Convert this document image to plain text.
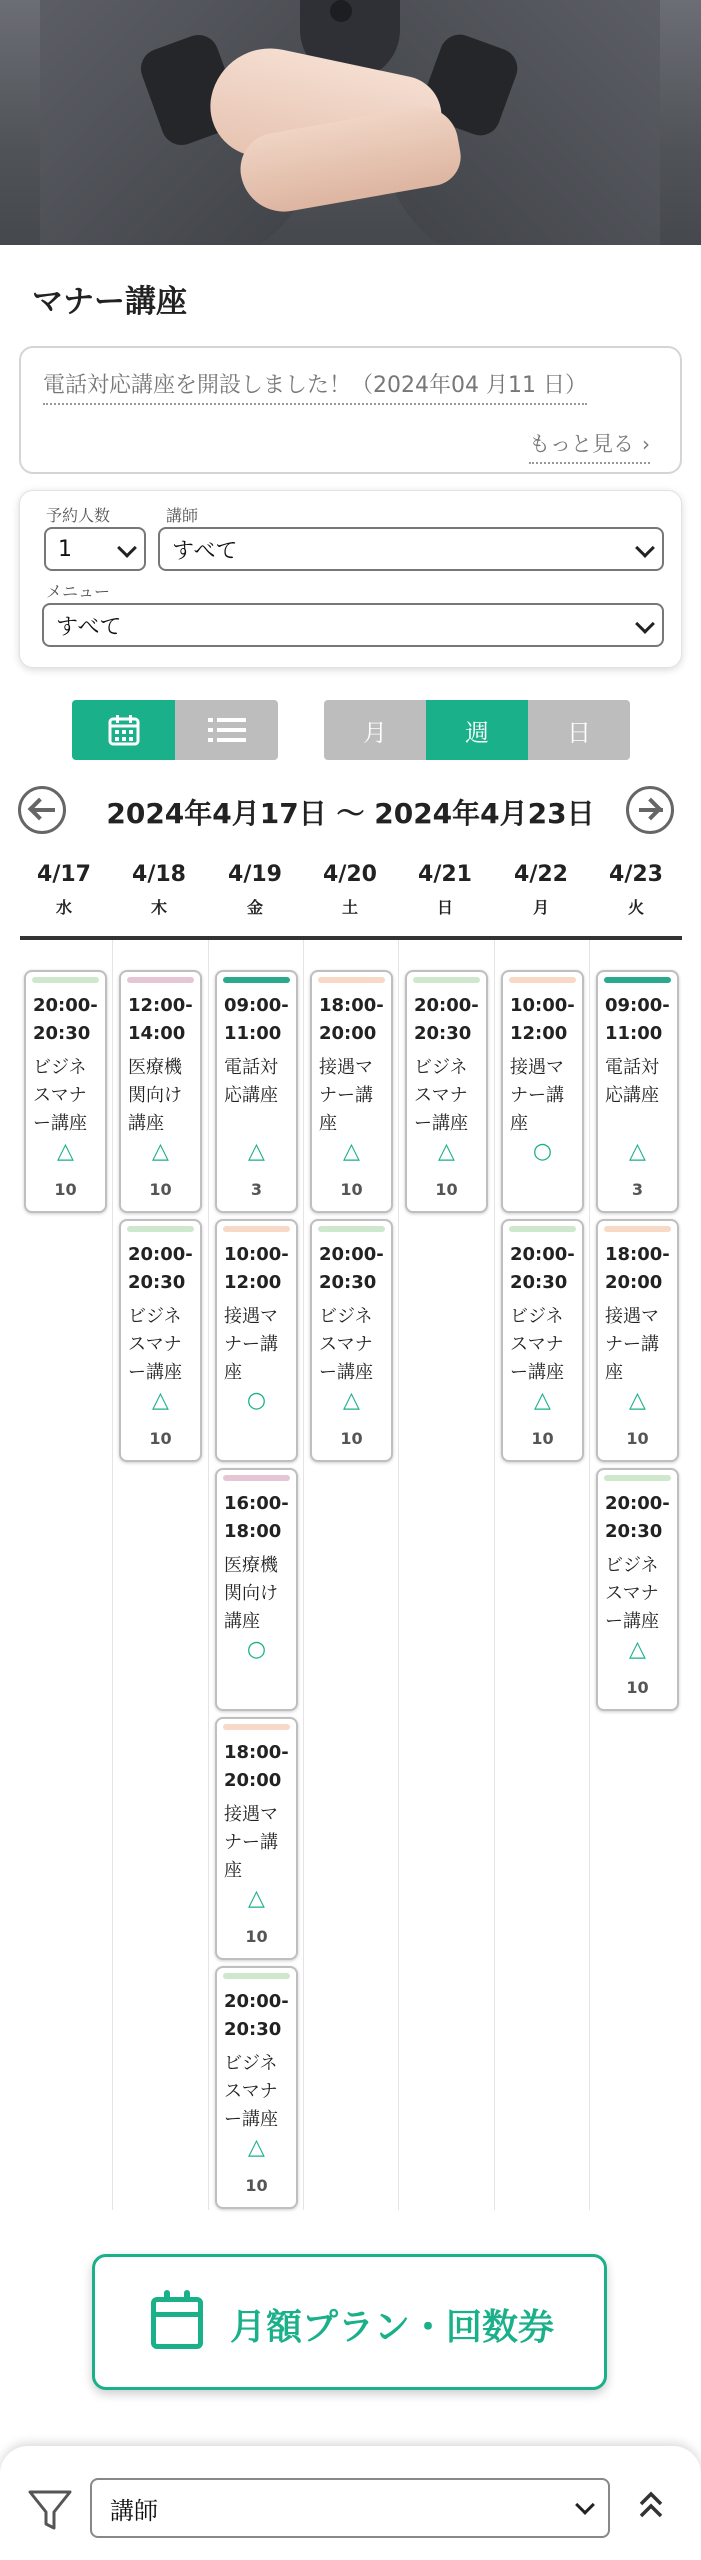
マナー講座
電話対応講座を開設しました！（2024年04 月11 日）
もっと見る ›
予約人数
1
講師
すべて
メニュー
すべて
月	週	日
2024年4月17日 〜 2024年4月23日
4/17
水
4/18
木
4/19
金
4/20
土
4/21
日
4/22
月
4/23
火
20:00-
20:30
ビジネスマナー講座
△
10
12:00-
14:00
医療機関向け講座
△
10
20:00-
20:30
ビジネスマナー講座
△
10
09:00-
11:00
電話対応講座
△
3
10:00-
12:00
接遇マナー講座
○
16:00-
18:00
医療機関向け講座
○
18:00-
20:00
接遇マナー講座
△
10
20:00-
20:30
ビジネスマナー講座
△
10
18:00-
20:00
接遇マナー講座
△
10
20:00-
20:30
ビジネスマナー講座
△
10
20:00-
20:30
ビジネスマナー講座
△
10
10:00-
12:00
接遇マナー講座
○
20:00-
20:30
ビジネスマナー講座
△
10
09:00-
11:00
電話対応講座
△
3
18:00-
20:00
接遇マナー講座
△
10
20:00-
20:30
ビジネスマナー講座
△
10
月額プラン・回数券
講師
